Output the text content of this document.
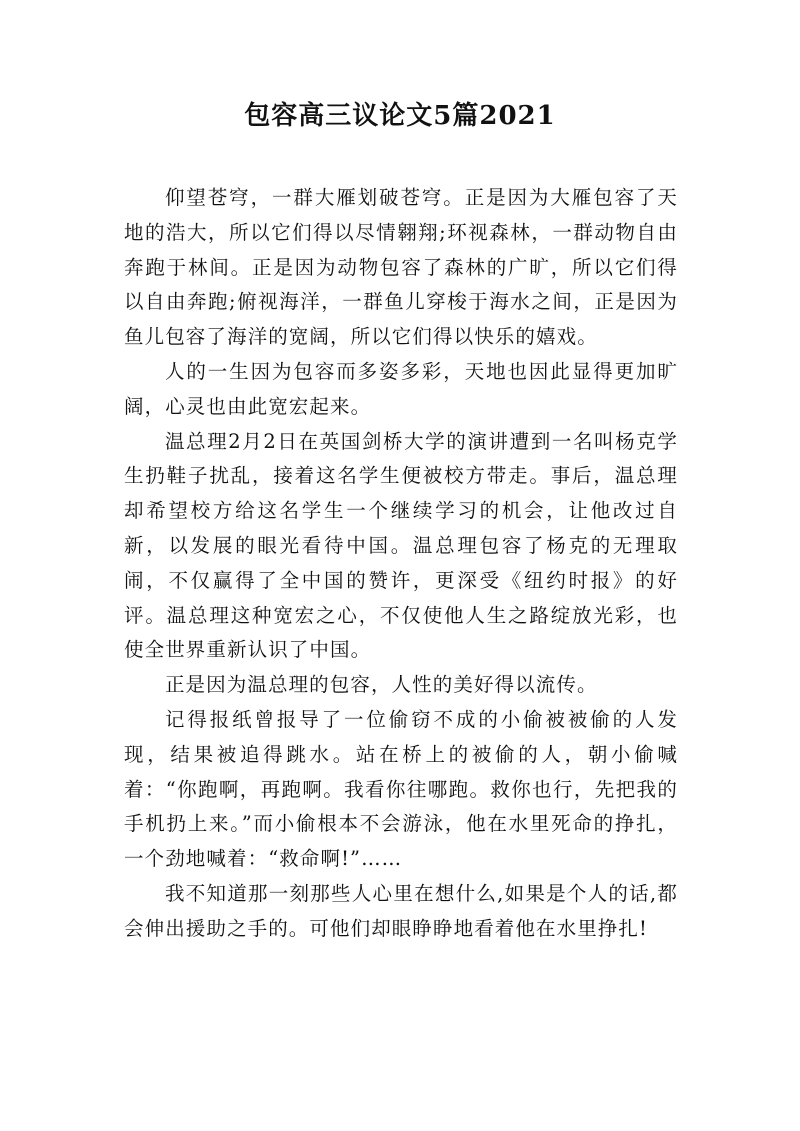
包容高三议论文5篇2021

仰望苍穹，一群大雁划破苍穹。正是因为大雁包容了天地的浩大，所以它们得以尽情翱翔;环视森林，一群动物自由奔跑于林间。正是因为动物包容了森林的广旷，所以它们得以自由奔跑;俯视海洋，一群鱼儿穿梭于海水之间，正是因为鱼儿包容了海洋的宽阔，所以它们得以快乐的嬉戏。

人的一生因为包容而多姿多彩，天地也因此显得更加旷阔，心灵也由此宽宏起来。

温总理2月2日在英国剑桥大学的演讲遭到一名叫杨克学生扔鞋子扰乱，接着这名学生便被校方带走。事后，温总理却希望校方给这名学生一个继续学习的机会，让他改过自新，以发展的眼光看待中国。温总理包容了杨克的无理取闹，不仅赢得了全中国的赞许，更深受《纽约时报》的好评。温总理这种宽宏之心，不仅使他人生之路绽放光彩，也使全世界重新认识了中国。

正是因为温总理的包容，人性的美好得以流传。

记得报纸曾报导了一位偷窃不成的小偷被被偷的人发现，结果被追得跳水。站在桥上的被偷的人，朝小偷喊着：“你跑啊，再跑啊。我看你往哪跑。救你也行，先把我的手机扔上来。”而小偷根本不会游泳，他在水里死命的挣扎，一个劲地喊着：“救命啊!”……

我不知道那一刻那些人心里在想什么,如果是个人的话,都会伸出援助之手的。可他们却眼睁睁地看着他在水里挣扎!
